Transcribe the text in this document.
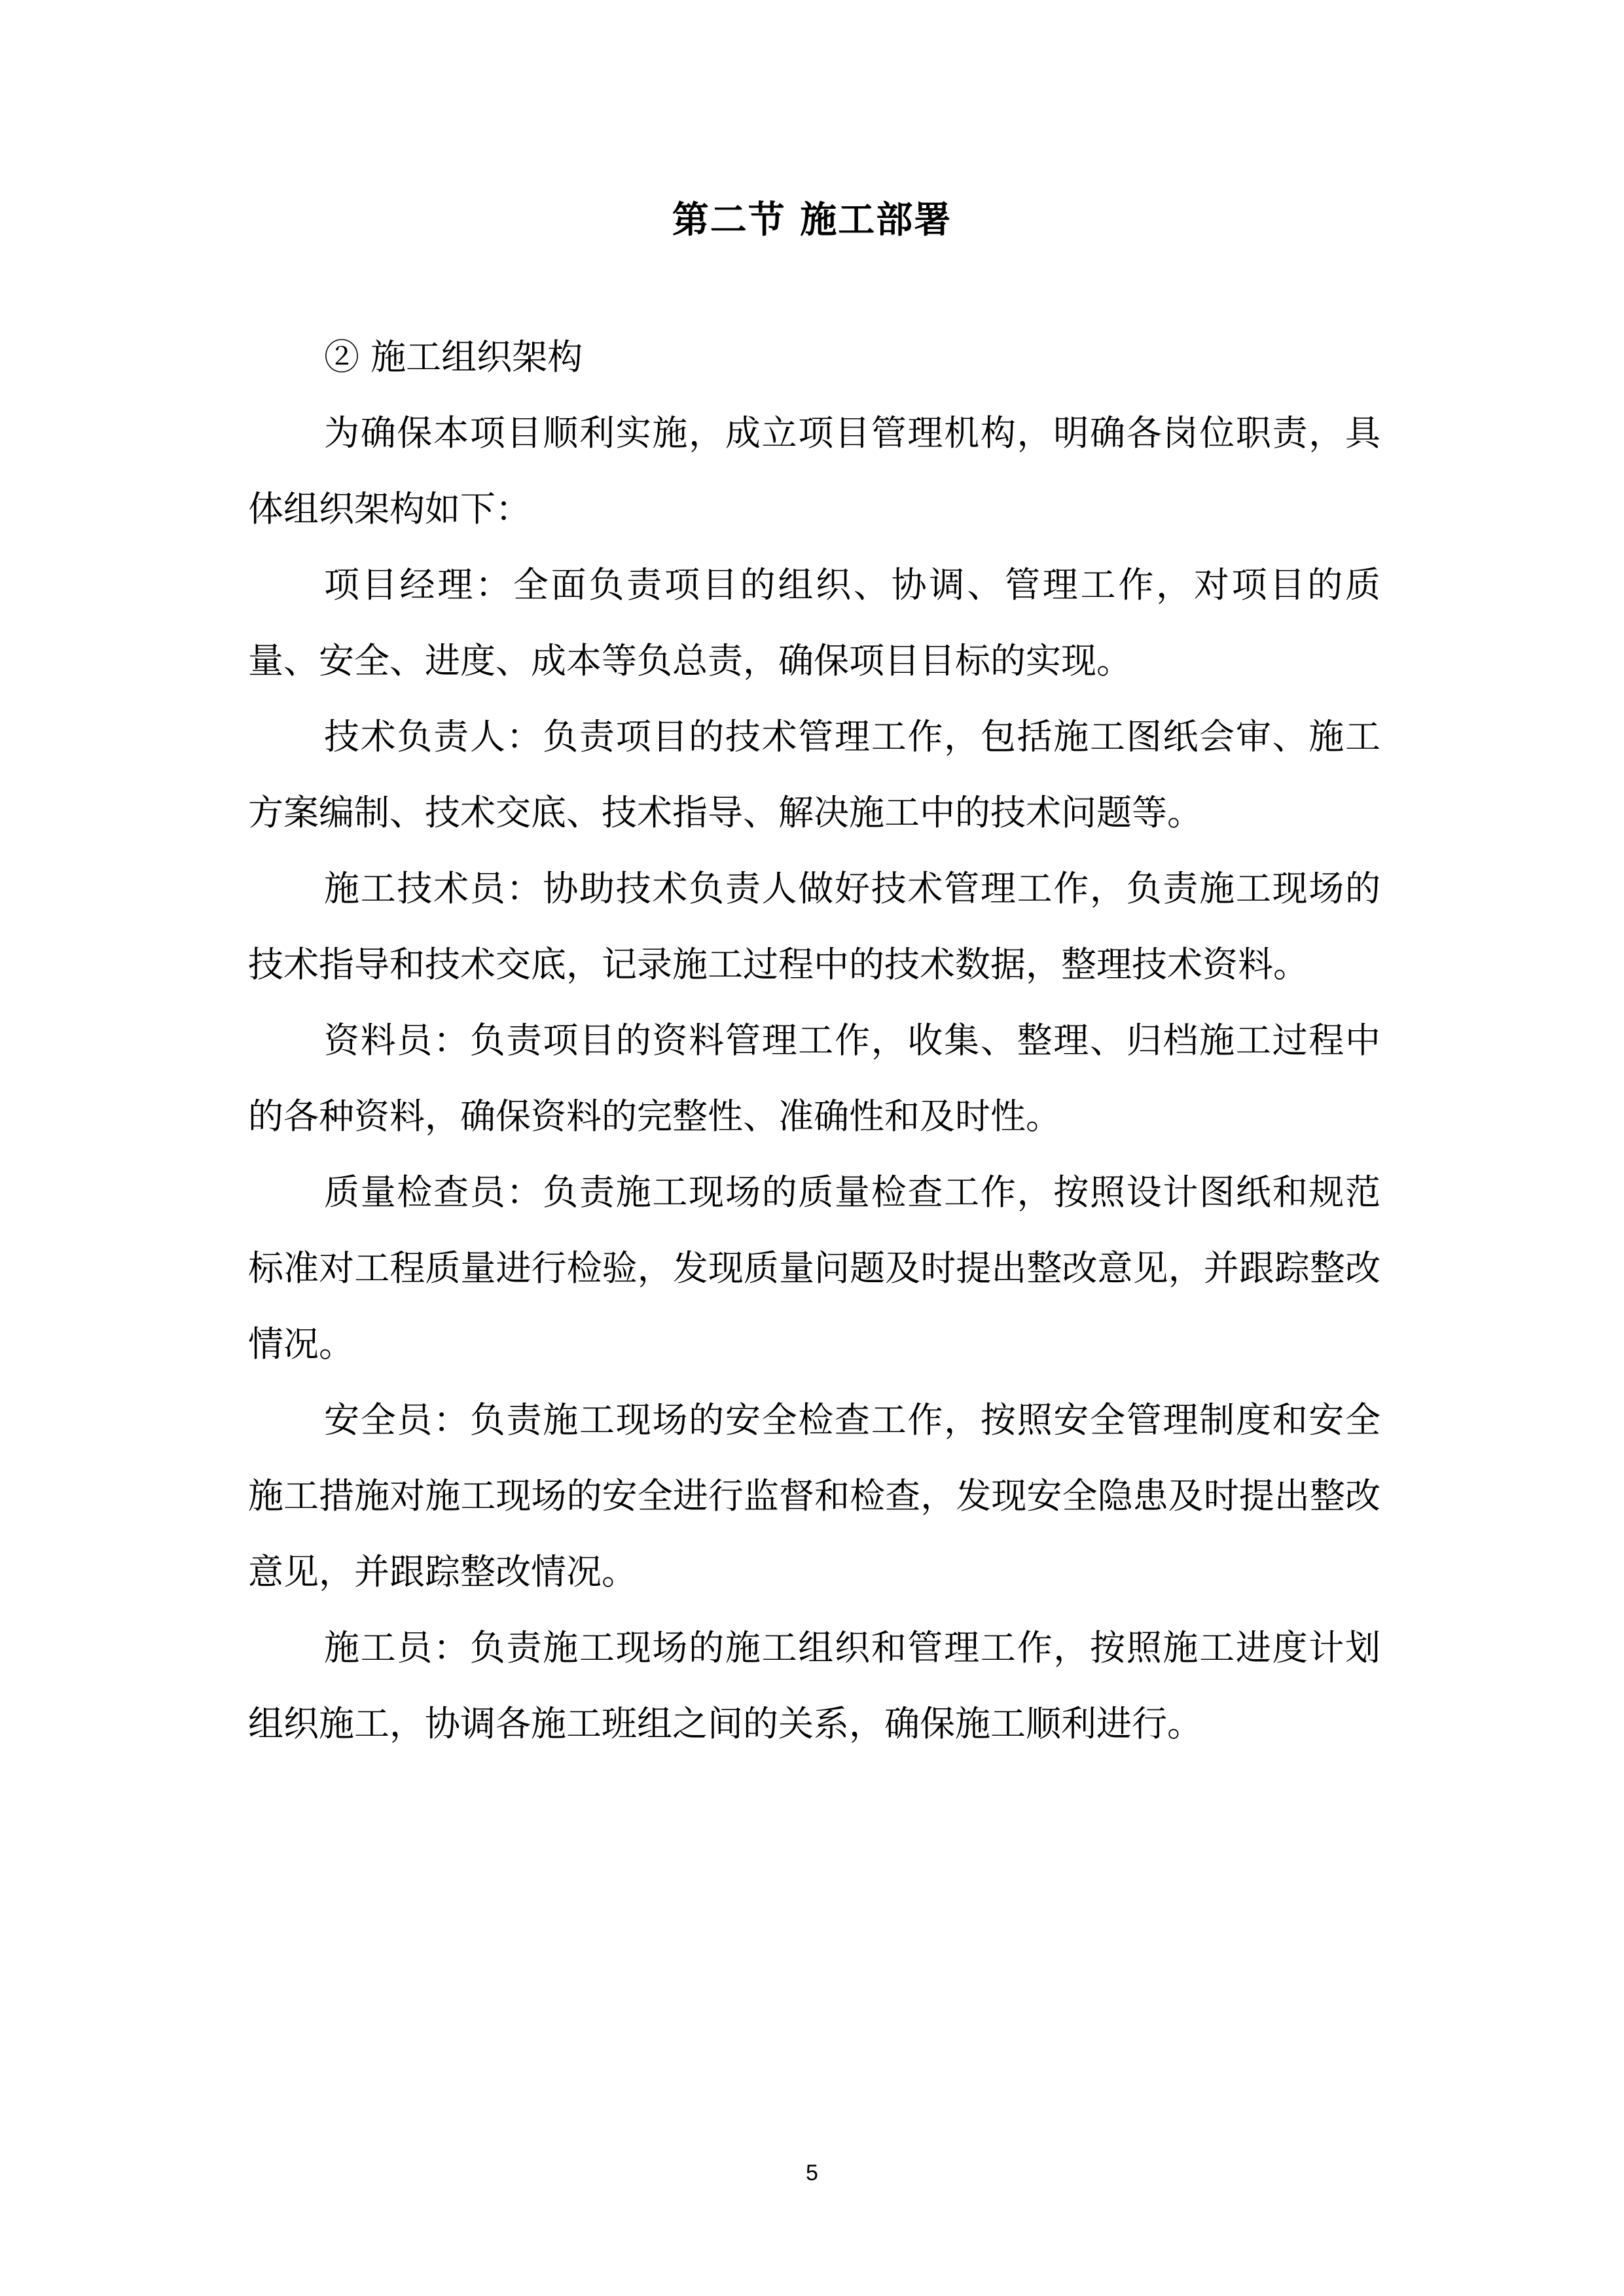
第二节 施工部署

② 施工组织架构

为确保本项目顺利实施，成立项目管理机构，明确各岗位职责，具体组织架构如下：

项目经理：全面负责项目的组织、协调、管理工作，对项目的质量、安全、进度、成本等负总责，确保项目目标的实现。

技术负责人：负责项目的技术管理工作，包括施工图纸会审、施工方案编制、技术交底、技术指导、解决施工中的技术问题等。

施工技术员：协助技术负责人做好技术管理工作，负责施工现场的技术指导和技术交底，记录施工过程中的技术数据，整理技术资料。

资料员：负责项目的资料管理工作，收集、整理、归档施工过程中的各种资料，确保资料的完整性、准确性和及时性。

质量检查员：负责施工现场的质量检查工作，按照设计图纸和规范标准对工程质量进行检验，发现质量问题及时提出整改意见，并跟踪整改情况。

安全员：负责施工现场的安全检查工作，按照安全管理制度和安全施工措施对施工现场的安全进行监督和检查，发现安全隐患及时提出整改意见，并跟踪整改情况。

施工员：负责施工现场的施工组织和管理工作，按照施工进度计划组织施工，协调各施工班组之间的关系，确保施工顺利进行。

5
